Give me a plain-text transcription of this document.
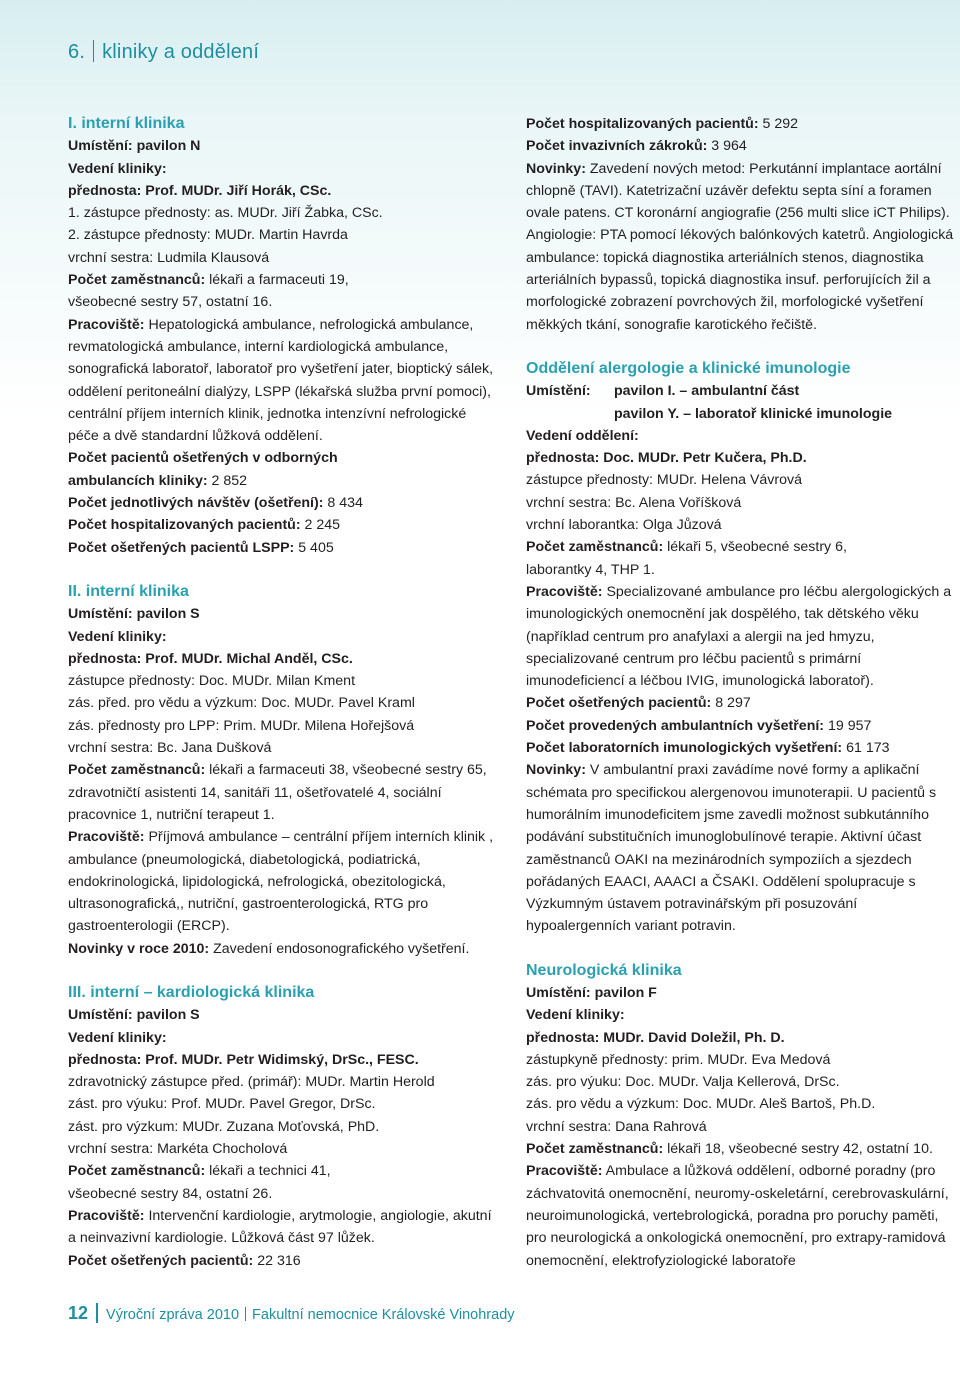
6. kliniky a oddělení
I. interní klinika
Umístění: pavilon N
Vedení kliniky:
přednosta: Prof. MUDr. Jiří Horák, CSc.
1. zástupce přednosty: as. MUDr. Jiří Žabka, CSc.
2. zástupce přednosty: MUDr. Martin Havrda
vrchní sestra: Ludmila Klausová
Počet zaměstnanců: lékaři a farmaceuti 19,
všeobecné sestry 57, ostatní 16.
Pracoviště: Hepatologická ambulance, nefrologická ambulance, revmatologická ambulance, interní kardiologická ambulance, sonografická laboratoř, laboratoř pro vyšetření jater, bioptický sálek, oddělení peritoneální dialýzy, LSPP (lékařská služba první pomoci), centrální příjem interních klinik, jednotka intenzívní nefrologické péče a dvě standardní lůžková oddělení.
Počet pacientů ošetřených v odborných
ambulancích kliniky: 2 852
Počet jednotlivých návštěv (ošetření): 8 434
Počet hospitalizovaných pacientů: 2 245
Počet ošetřených pacientů LSPP: 5 405
II. interní klinika
Umístění: pavilon S
Vedení kliniky:
přednosta: Prof. MUDr. Michal Anděl, CSc.
zástupce přednosty: Doc. MUDr. Milan Kment
zás. před. pro vědu a výzkum: Doc. MUDr. Pavel Kraml
zás. přednosty pro LPP: Prim. MUDr. Milena Hořejšová
vrchní sestra: Bc. Jana Dušková
Počet zaměstnanců: lékaři a farmaceuti 38, všeobecné sestry 65, zdravotničtí asistenti 14, sanitáři 11, ošetřovatelé 4, sociální pracovnice 1, nutriční terapeut 1.
Pracoviště: Příjmová ambulance – centrální příjem interních klinik , ambulance (pneumologická, diabetologická, podiatrická, endokrinologická, lipidologická, nefrologická, obezitologická, ultrasonografická,, nutriční, gastroenterologická, RTG pro gastroenterologii (ERCP).
Novinky v roce 2010: Zavedení endosonografického vyšetření.
III. interní – kardiologická klinika
Umístění: pavilon S
Vedení kliniky:
přednosta: Prof. MUDr. Petr Widimský, DrSc., FESC.
zdravotnický zástupce před. (primář): MUDr. Martin Herold
zást. pro výuku: Prof. MUDr. Pavel Gregor, DrSc.
zást. pro výzkum: MUDr. Zuzana Moťovská, PhD.
vrchní sestra: Markéta Chocholová
Počet zaměstnanců: lékaři a technici 41,
všeobecné sestry 84, ostatní 26.
Pracoviště: Intervenční kardiologie, arytmologie, angiologie, akutní a neinvazivní kardiologie. Lůžková část 97 lůžek.
Počet ošetřených pacientů: 22 316
Počet hospitalizovaných pacientů: 5 292
Počet invazivních zákroků: 3 964
Novinky: Zavedení nových metod: Perkutánní implantace aortální chlopně (TAVI). Katetrizační uzávěr defektu septa síní a foramen ovale patens. CT koronární angiografie (256 multi slice iCT Philips). Angiologie: PTA pomocí lékových balónkových katetrů. Angiologická ambulance: topická diagnostika arteriálních stenos, diagnostika arteriálních bypassů, topická diagnostika insuf. perforujících žil a morfologické zobrazení povrchových žil, morfologické vyšetření měkkých tkání, sonografie karotického řečiště.
Oddělení alergologie a klinické imunologie
Umístění:	pavilon I. – ambulantní část
pavilon Y. – laboratoř klinické imunologie
Vedení oddělení:
přednosta: Doc. MUDr. Petr Kučera, Ph.D.
zástupce přednosty: MUDr. Helena Vávrová
vrchní sestra: Bc. Alena Voříšková
vrchní laborantka: Olga Jůzová
Počet zaměstnanců: lékaři 5, všeobecné sestry 6,
laborantky 4, THP 1.
Pracoviště: Specializované ambulance pro léčbu alergologických a imunologických onemocnění jak dospělého, tak dětského věku (například centrum pro anafylaxi a alergii na jed hmyzu, specializované centrum pro léčbu pacientů s primární imunodeficiencí a léčbou IVIG, imunologická laboratoř).
Počet ošetřených pacientů: 8 297
Počet provedených ambulantních vyšetření: 19 957
Počet laboratorních imunologických vyšetření: 61 173
Novinky: V ambulantní praxi zavádíme nové formy a aplikační schémata pro specifickou alergenovou imunoterapii. U pacientů s humorálním imunodeficitem jsme zavedli možnost subkutánního podávání substitučních imunoglobulínové terapie. Aktivní účast zaměstnanců OAKI na mezinárodních sympoziích a sjezdech pořádaných EAACI, AAACI a ČSAKI. Oddělení spolupracuje s Výzkumným ústavem potravinářským při posuzování hypoalergenních variant potravin.
Neurologická klinika
Umístění: pavilon F
Vedení kliniky:
přednosta: MUDr. David Doležil, Ph. D.
zástupkyně přednosty: prim. MUDr. Eva Medová
zás. pro výuku: Doc. MUDr. Valja Kellerová, DrSc.
zás. pro vědu a výzkum: Doc. MUDr. Aleš Bartoš, Ph.D.
vrchní sestra: Dana Rahrová
Počet zaměstnanců: lékaři 18, všeobecné sestry 42, ostatní 10.
Pracoviště: Ambulace a lůžková oddělení, odborné poradny (pro záchvatovitá onemocnění, neuromy-oskeletární, cerebrovaskulární, neuroimunologická, vertebrologická, poradna pro poruchy paměti, pro neurologická a onkologická onemocnění, pro extrapy-ramidová onemocnění, elektrofyziologické laboratoře
12 Výroční zpráva 2010 Fakultní nemocnice Královské Vinohrady
